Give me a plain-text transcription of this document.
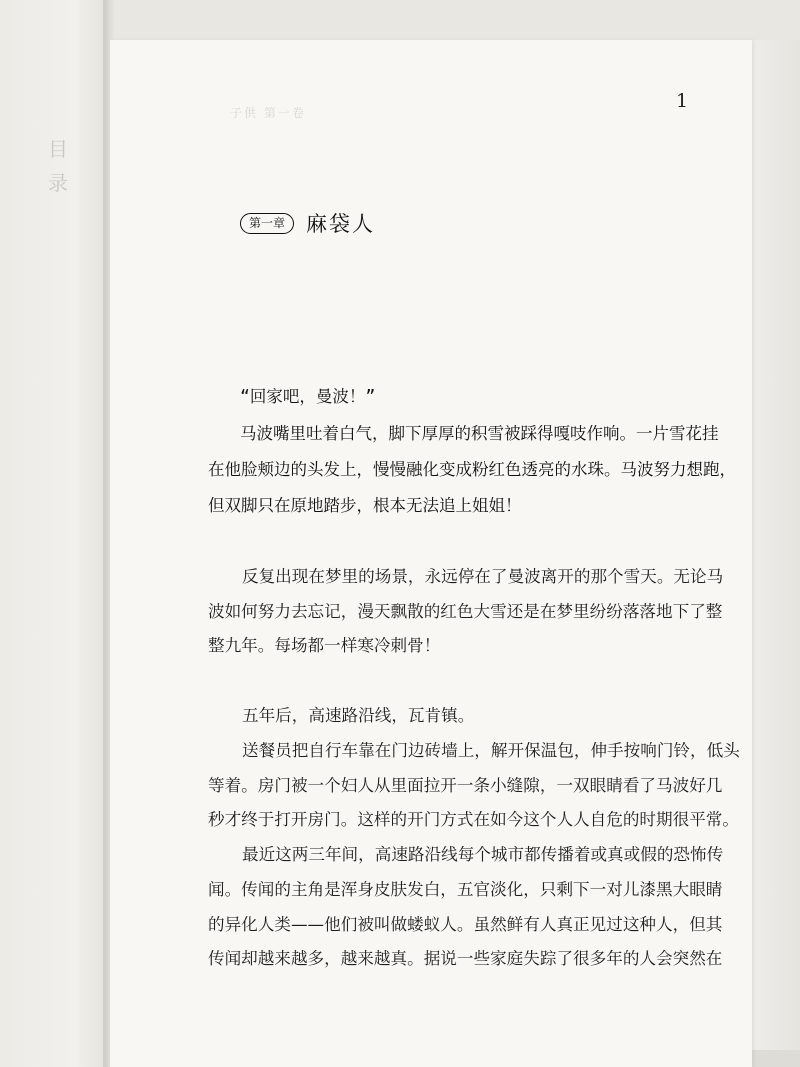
目录
子供 第一卷
1
第一章	麻袋人
“回家吧，曼波！”
马波嘴里吐着白气，脚下厚厚的积雪被踩得嘎吱作响。一片雪花挂
在他脸颊边的头发上，慢慢融化变成粉红色透亮的水珠。马波努力想跑，
但双脚只在原地踏步，根本无法追上姐姐！
反复出现在梦里的场景，永远停在了曼波离开的那个雪天。无论马
波如何努力去忘记，漫天飘散的红色大雪还是在梦里纷纷落落地下了整
整九年。每场都一样寒冷刺骨！
五年后，高速路沿线，瓦肯镇。
送餐员把自行车靠在门边砖墙上，解开保温包，伸手按响门铃，低头
等着。房门被一个妇人从里面拉开一条小缝隙，一双眼睛看了马波好几
秒才终于打开房门。这样的开门方式在如今这个人人自危的时期很平常。
最近这两三年间，高速路沿线每个城市都传播着或真或假的恐怖传
闻。传闻的主角是浑身皮肤发白，五官淡化，只剩下一对儿漆黑大眼睛
的异化人类——他们被叫做蝼蚁人。虽然鲜有人真正见过这种人，但其
传闻却越来越多，越来越真。据说一些家庭失踪了很多年的人会突然在
